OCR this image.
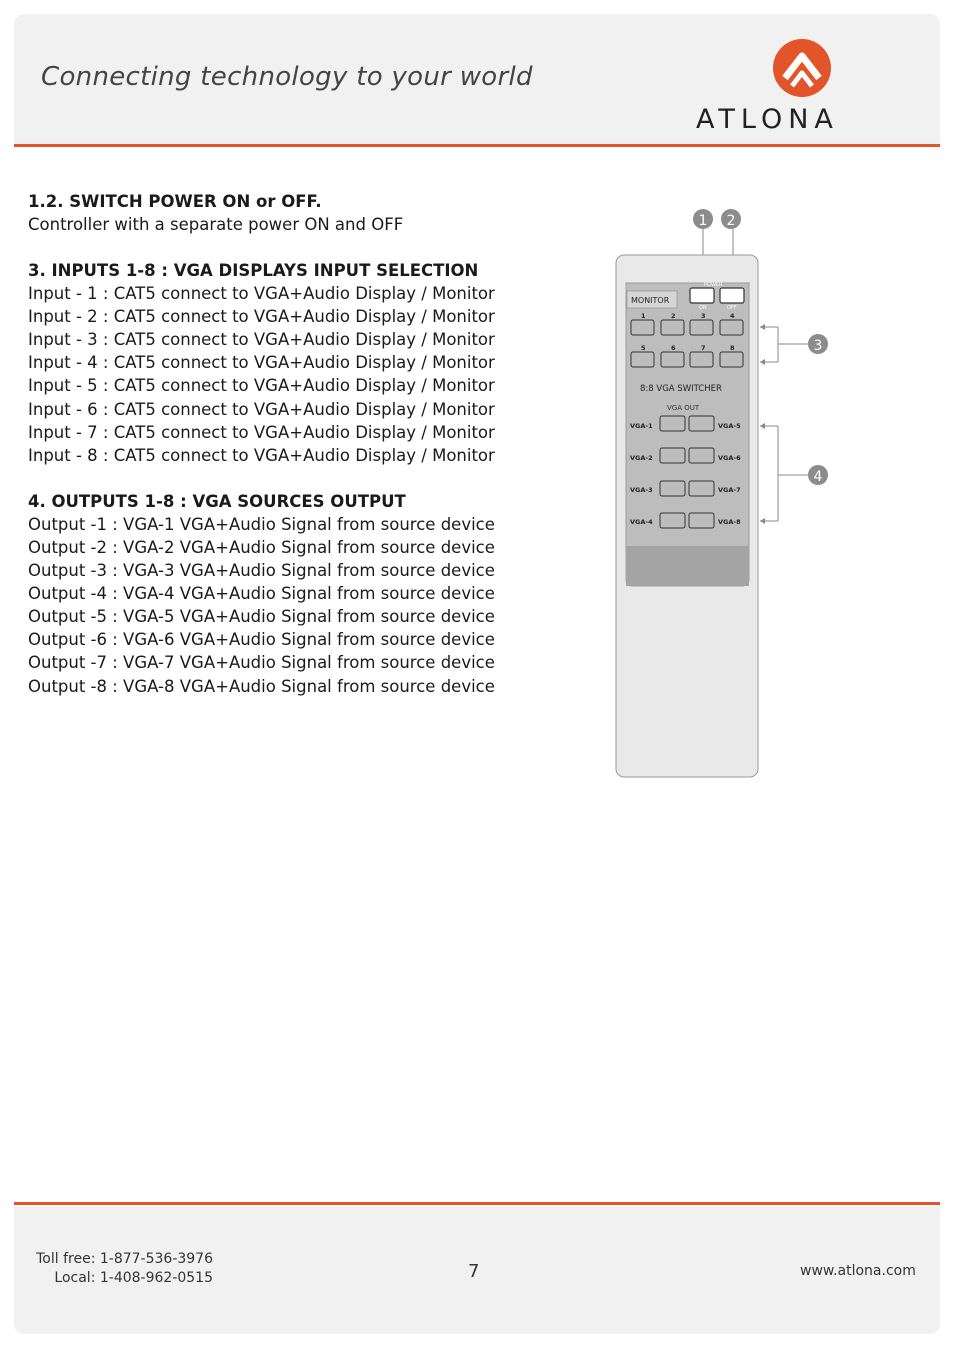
Connecting technology to your world
ATLONA

1.2. SWITCH POWER ON or OFF.

Controller with a separate power ON and OFF

3. INPUTS 1-8 : VGA DISPLAYS INPUT SELECTION

Input - 1 : CAT5 connect to VGA+Audio Display / Monitor

Input - 2 : CAT5 connect to VGA+Audio Display / Monitor

Input - 3 : CAT5 connect to VGA+Audio Display / Monitor

Input - 4 : CAT5 connect to VGA+Audio Display / Monitor

Input - 5 : CAT5 connect to VGA+Audio Display / Monitor

Input - 6 : CAT5 connect to VGA+Audio Display / Monitor

Input - 7 : CAT5 connect to VGA+Audio Display / Monitor

Input - 8 : CAT5 connect to VGA+Audio Display / Monitor

4. OUTPUTS 1-8 : VGA SOURCES OUTPUT

Output -1 : VGA-1 VGA+Audio Signal from source device

Output -2 : VGA-2 VGA+Audio Signal from source device

Output -3 : VGA-3 VGA+Audio Signal from source device

Output -4 : VGA-4 VGA+Audio Signal from source device

Output -5 : VGA-5 VGA+Audio Signal from source device

Output -6 : VGA-6 VGA+Audio Signal from source device

Output -7 : VGA-7 VGA+Audio Signal from source device

Output -8 : VGA-8 VGA+Audio Signal from source device

1 2
MONITOR
POWER
ON	OFF
1	2	3	4
5	6	7	8
8:8 VGA SWITCHER
VGA OUT
VGA-1	VGA-5
VGA-2	VGA-6
VGA-3	VGA-7
VGA-4	VGA-8
3
4
Toll free: 1-877-536-3976
Local: 1-408-962-0515	7	www.atlona.com
